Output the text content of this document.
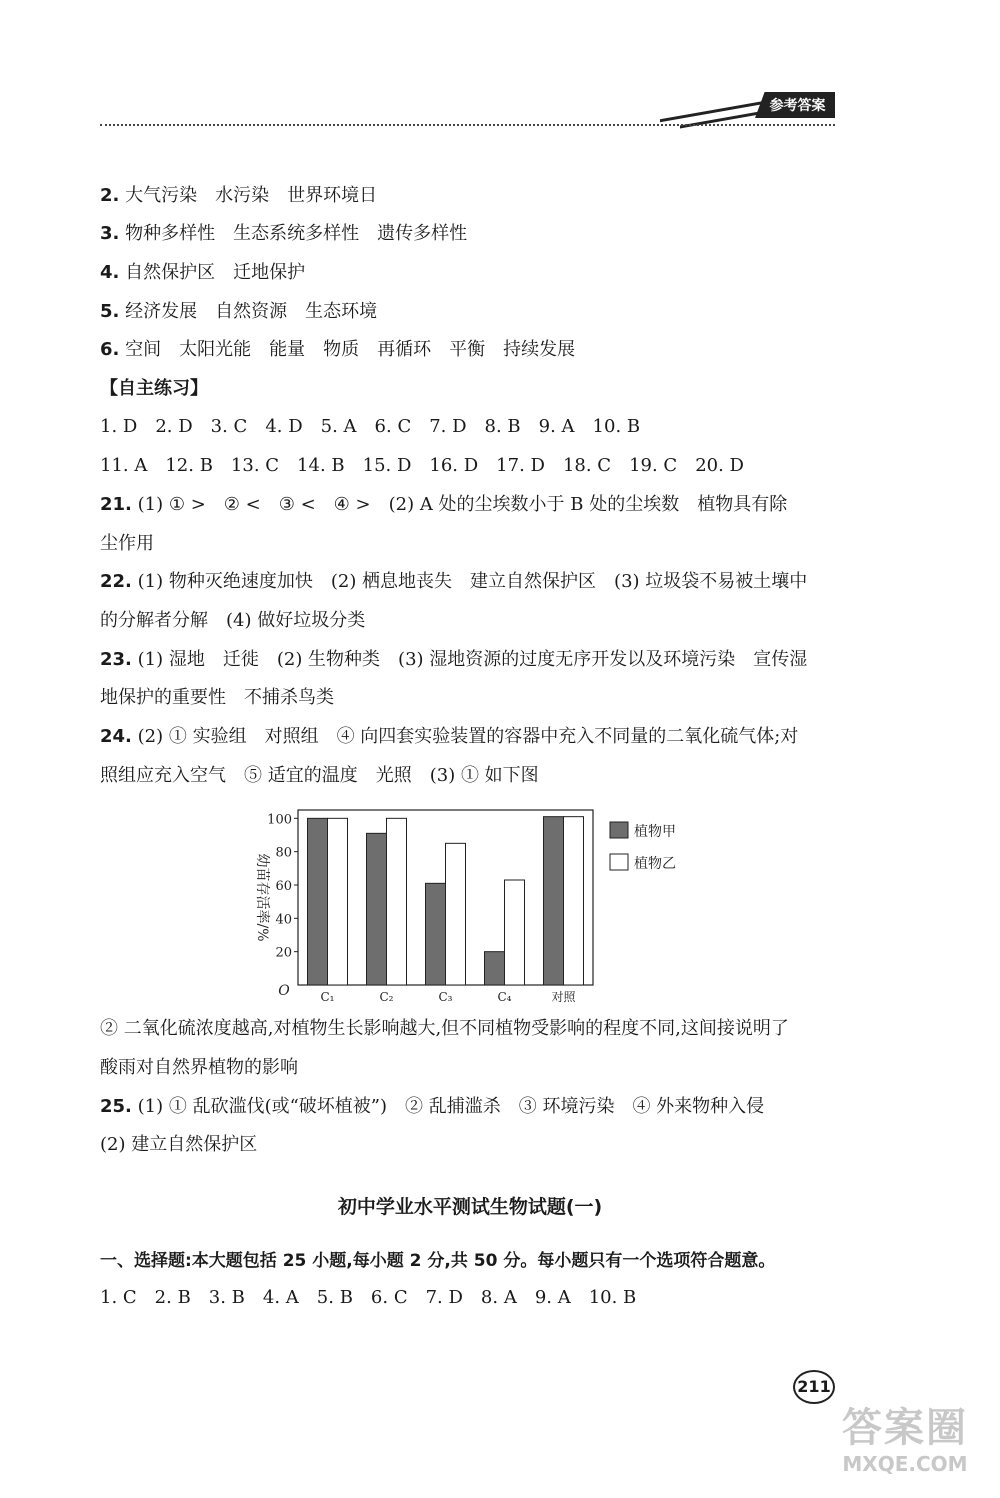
参考答案
2. 大气污染　水污染　世界环境日
3. 物种多样性　生态系统多样性　遗传多样性
4. 自然保护区　迁地保护
5. 经济发展　自然资源　生态环境
6. 空间　太阳光能　能量　物质　再循环　平衡　持续发展
【自主练习】
1. D　2. D　3. C　4. D　5. A　6. C　7. D　8. B　9. A　10. B
11. A　12. B　13. C　14. B　15. D　16. D　17. D　18. C　19. C　20. D
21. (1) ① >　② <　③ <　④ >　(2) A 处的尘埃数小于 B 处的尘埃数　植物具有除
尘作用
22. (1) 物种灭绝速度加快　(2) 栖息地丧失　建立自然保护区　(3) 垃圾袋不易被土壤中
的分解者分解　(4) 做好垃圾分类
23. (1) 湿地　迁徙　(2) 生物种类　(3) 湿地资源的过度无序开发以及环境污染　宣传湿
地保护的重要性　不捕杀鸟类
24. (2) ① 实验组　对照组　④ 向四套实验装置的容器中充入不同量的二氧化硫气体;对
照组应充入空气　⑤ 适宜的温度　光照　(3) ① 如下图
20
40
60
80
100
O
幼苗存活率/%
C₁	C₂	C₃	C₄	对照
植物甲
植物乙
② 二氧化硫浓度越高,对植物生长影响越大,但不同植物受影响的程度不同,这间接说明了
酸雨对自然界植物的影响
25. (1) ① 乱砍滥伐(或“破坏植被”)　② 乱捕滥杀　③ 环境污染　④ 外来物种入侵
(2) 建立自然保护区
初中学业水平测试生物试题(一)
一、选择题:本大题包括 25 小题,每小题 2 分,共 50 分。每小题只有一个选项符合题意。
1. C　2. B　3. B　4. A　5. B　6. C　7. D　8. A　9. A　10. B
211
答案圈
MXQE.COM
